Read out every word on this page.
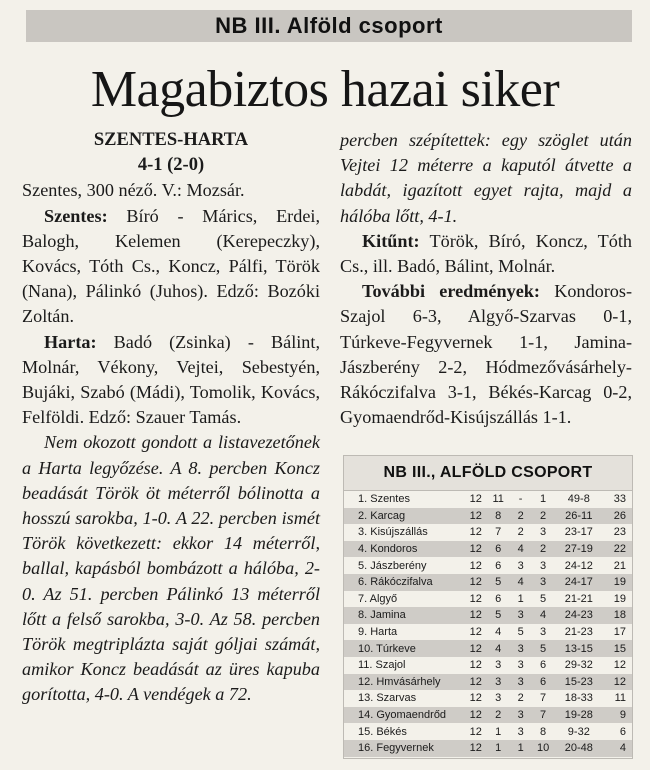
NB III. Alföld csoport
Magabiztos hazai siker
SZENTES-HARTA
4-1 (2-0)
Szentes, 300 néző. V.: Mozsár.
Szentes: Bíró - Márics, Erdei, Balogh, Kelemen (Kerepeczky), Kovács, Tóth Cs., Koncz, Pálfi, Török (Nana), Pálinkó (Juhos). Edző: Bozóki Zoltán.
Harta: Badó (Zsinka) - Bálint, Molnár, Vékony, Vejtei, Sebestyén, Bujáki, Szabó (Mádi), Tomolik, Kovács, Felföldi. Edző: Szauer Tamás.
Nem okozott gondott a listavezetőnek a Harta legyőzése. A 8. percben Koncz beadását Török öt méterről bólinotta a hosszú sarokba, 1-0. A 22. percben ismét Török következett: ekkor 14 méterről, ballal, kapásból bombázott a hálóba, 2-0. Az 51. percben Pálinkó 13 méterről lőtt a felső sarokba, 3-0. Az 58. percben Török megtriplázta saját góljai számát, amikor Koncz beadását az üres kapuba gorította, 4-0. A vendégek a 72.
percben szépítettek: egy szöglet után Vejtei 12 méterre a kaputól átvette a labdát, igazított egyet rajta, majd a hálóba lőtt, 4-1.
Kitűnt: Török, Bíró, Koncz, Tóth Cs., ill. Badó, Bálint, Molnár.
További eredmények: Kondoros-Szajol 6-3, Algyő-Szarvas 0-1, Túrkeve-Fegyvernek 1-1, Jamina-Jászberény 2-2, Hódmezővásárhely-Rákóczifalva 3-1, Békés-Karcag 0-2, Gyomaendrőd-Kisújszállás 1-1.
NB III., ALFÖLD CSOPORT
1. Szentes	12	11	-	1	49-8	33
2. Karcag	12	8	2	2	26-11	26
3. Kisújszállás	12	7	2	3	23-17	23
4. Kondoros	12	6	4	2	27-19	22
5. Jászberény	12	6	3	3	24-12	21
6. Rákóczifalva	12	5	4	3	24-17	19
7. Algyő	12	6	1	5	21-21	19
8. Jamina	12	5	3	4	24-23	18
9. Harta	12	4	5	3	21-23	17
10. Túrkeve	12	4	3	5	13-15	15
11. Szajol	12	3	3	6	29-32	12
12. Hmvásárhely	12	3	3	6	15-23	12
13. Szarvas	12	3	2	7	18-33	11
14. Gyomaendrőd	12	2	3	7	19-28	9
15. Békés	12	1	3	8	9-32	6
16. Fegyvernek	12	1	1	10	20-48	4
